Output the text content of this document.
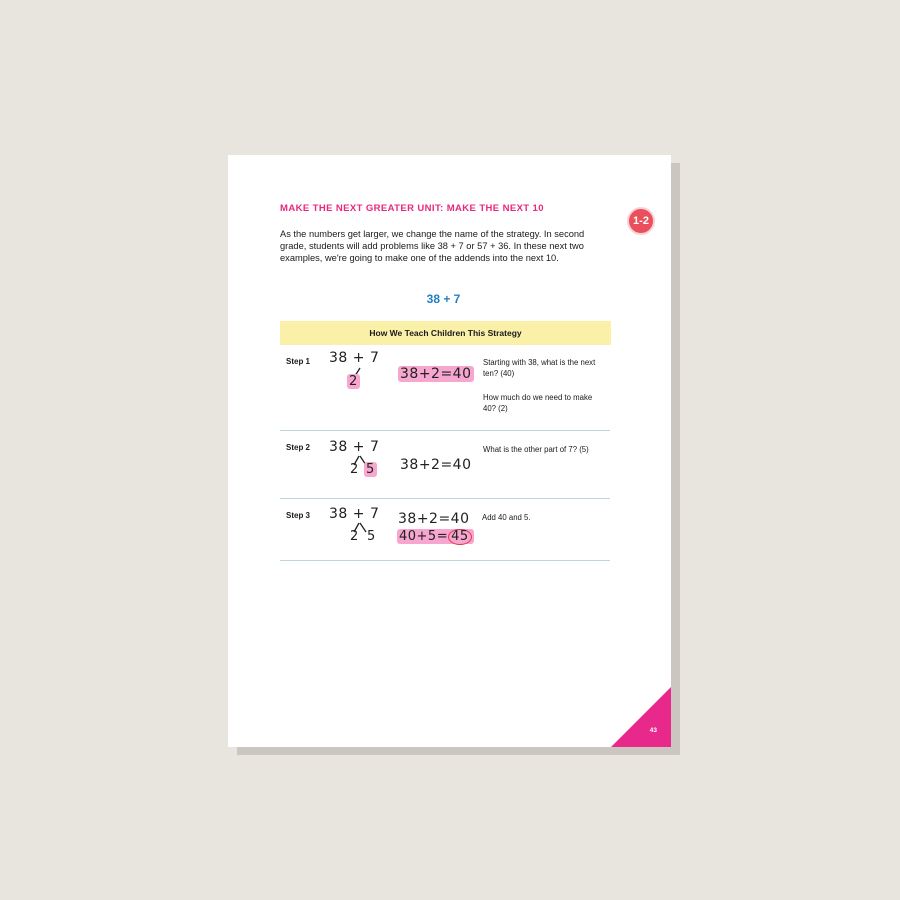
MAKE THE NEXT GREATER UNIT: MAKE THE NEXT 10
1-2
As the numbers get larger, we change the name of the strategy. In second grade, students will add problems like 38 + 7 or 57 + 36. In these next two examples, we're going to make one of the addends into the next 10.
38 + 7
How We Teach Children This Strategy
Step 1 38 + 7
2	38+2=40
Starting with 38, what is the next ten? (40)
How much do we need to make 40? (2)
Step 2 38 + 7
2 5 38+2=40
What is the other part of 7? (5)
Step 3 38 + 7
2 5
38+2=40
40+5= 45
Add 40 and 5.
43
